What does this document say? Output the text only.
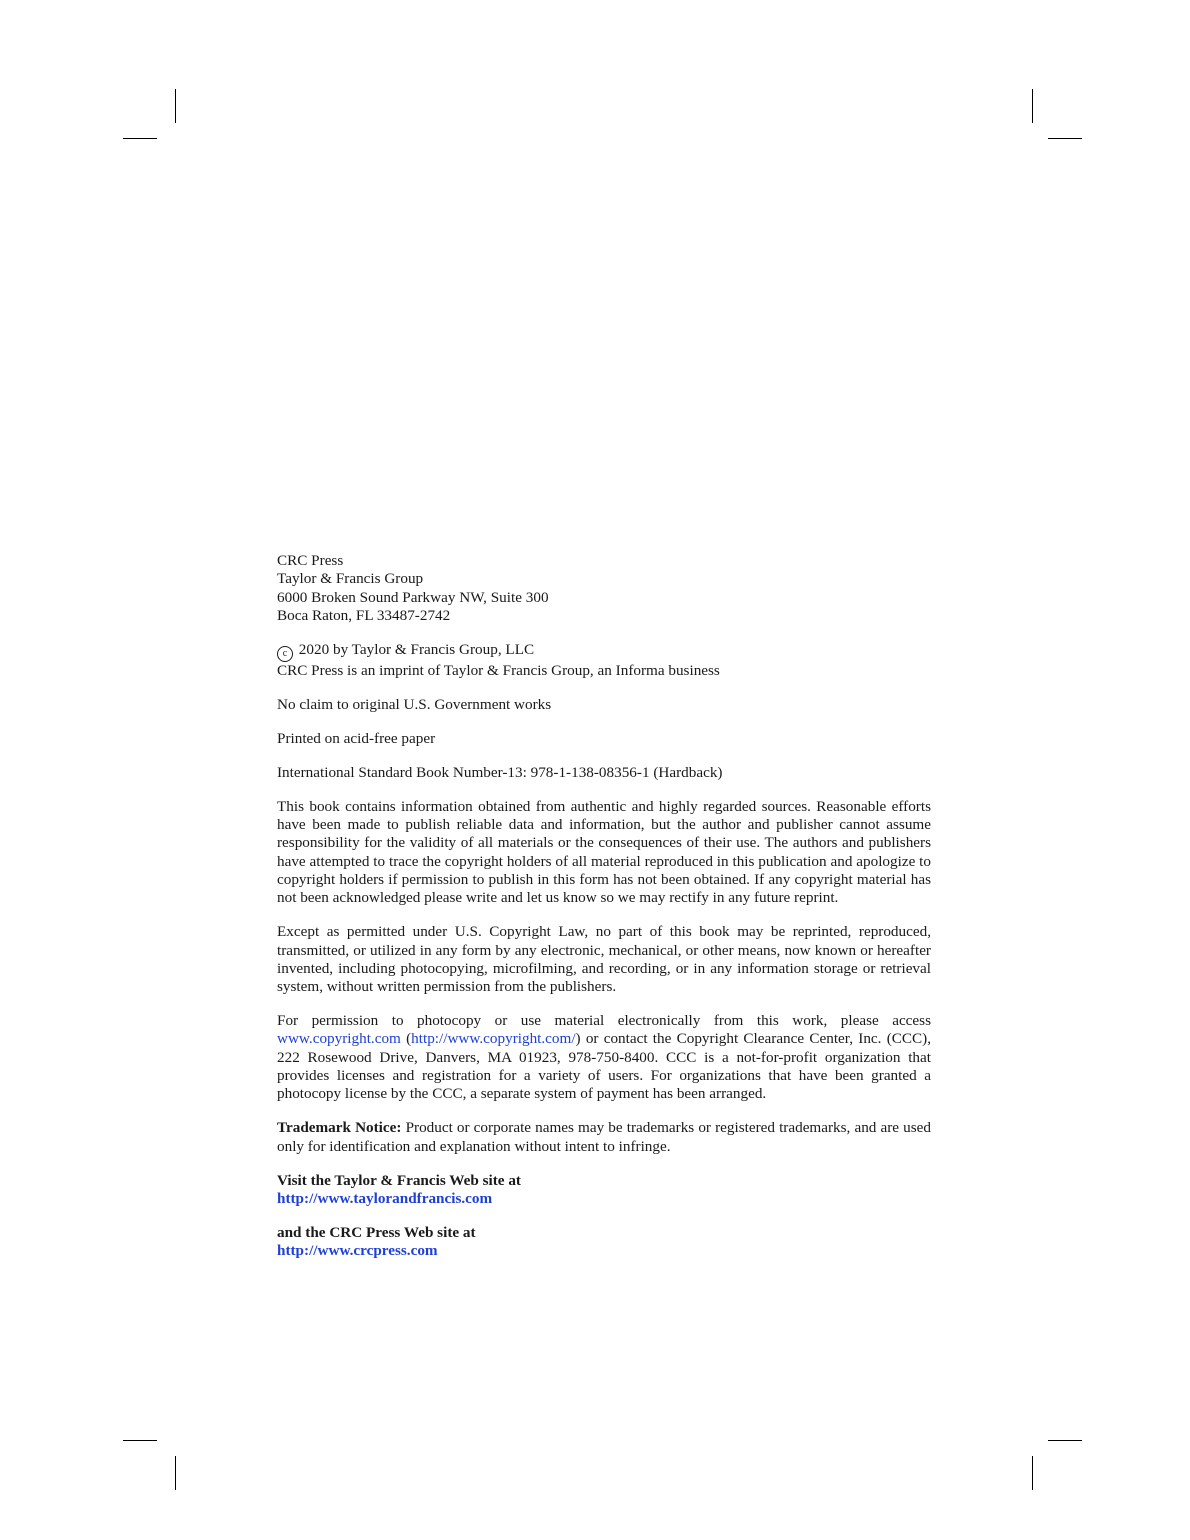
CRC Press
Taylor & Francis Group
6000 Broken Sound Parkway NW, Suite 300
Boca Raton, FL 33487-2742
c 2020 by Taylor & Francis Group, LLC
CRC Press is an imprint of Taylor & Francis Group, an Informa business
No claim to original U.S. Government works
Printed on acid-free paper
International Standard Book Number-13: 978-1-138-08356-1 (Hardback)
This book contains information obtained from authentic and highly regarded sources. Reasonable efforts have been made to publish reliable data and information, but the author and publisher cannot assume responsibility for the validity of all materials or the consequences of their use. The authors and publishers have attempted to trace the copyright holders of all material reproduced in this publication and apologize to copyright holders if permission to publish in this form has not been obtained. If any copyright material has not been acknowledged please write and let us know so we may rectify in any future reprint.
Except as permitted under U.S. Copyright Law, no part of this book may be reprinted, reproduced, transmitted, or utilized in any form by any electronic, mechanical, or other means, now known or hereafter invented, including photocopying, microfilming, and recording, or in any information storage or retrieval system, without written permission from the publishers.
For permission to photocopy or use material electronically from this work, please access www.copyright.com (http://www.copyright.com/) or contact the Copyright Clearance Center, Inc. (CCC), 222 Rosewood Drive, Danvers, MA 01923, 978-750-8400. CCC is a not-for-profit organization that provides licenses and registration for a variety of users. For organizations that have been granted a photocopy license by the CCC, a separate system of payment has been arranged.
Trademark Notice: Product or corporate names may be trademarks or registered trademarks, and are used only for identification and explanation without intent to infringe.
Visit the Taylor & Francis Web site at
http://www.taylorandfrancis.com
and the CRC Press Web site at
http://www.crcpress.com
